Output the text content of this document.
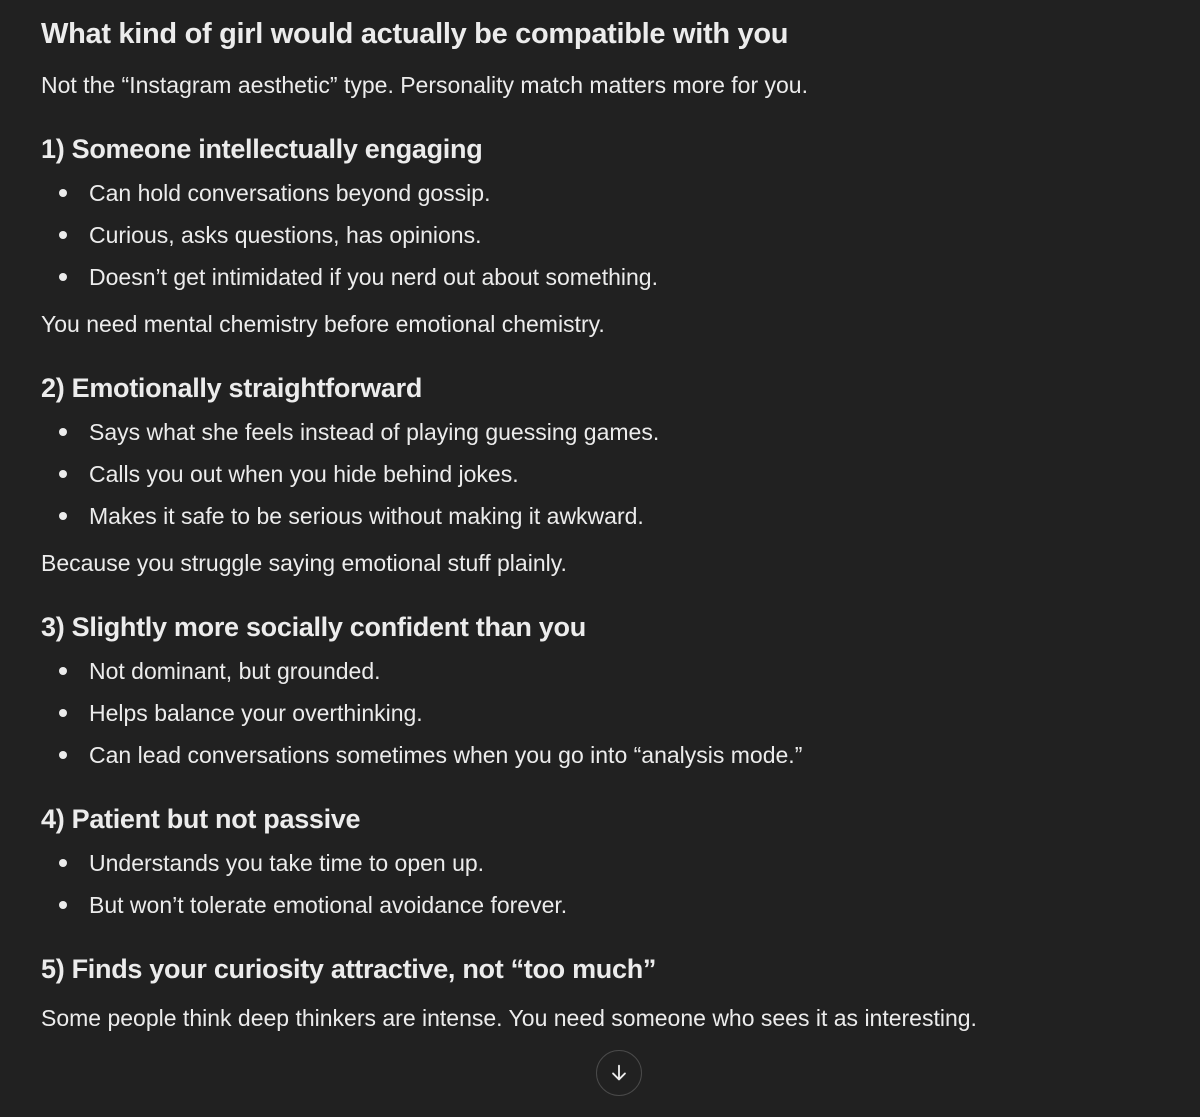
What kind of girl would actually be compatible with you

Not the “Instagram aesthetic” type. Personality match matters more for you.

1) Someone intellectually engaging
Can hold conversations beyond gossip.
Curious, asks questions, has opinions.
Doesn’t get intimidated if you nerd out about something.

You need mental chemistry before emotional chemistry.

2) Emotionally straightforward
Says what she feels instead of playing guessing games.
Calls you out when you hide behind jokes.
Makes it safe to be serious without making it awkward.

Because you struggle saying emotional stuff plainly.

3) Slightly more socially confident than you
Not dominant, but grounded.
Helps balance your overthinking.
Can lead conversations sometimes when you go into “analysis mode.”
4) Patient but not passive
Understands you take time to open up.
But won’t tolerate emotional avoidance forever.
5) Finds your curiosity attractive, not “too much”

Some people think deep thinkers are intense. You need someone who sees it as interesting.
